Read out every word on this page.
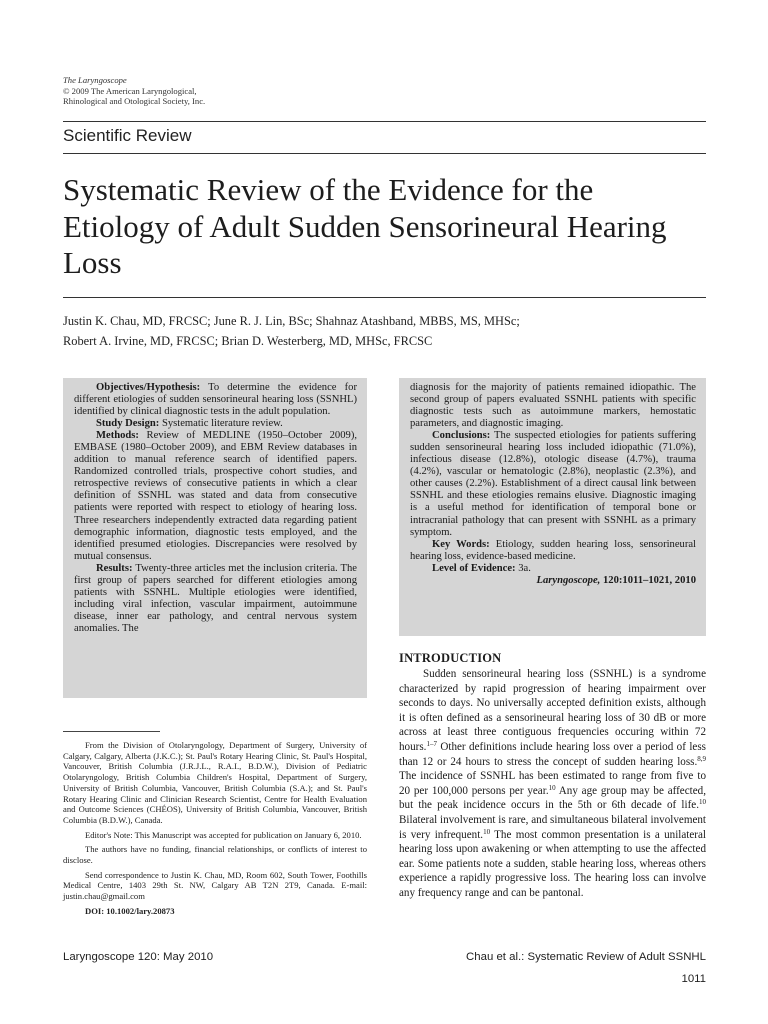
The Laryngoscope
© 2009 The American Laryngological,
Rhinological and Otological Society, Inc.
Scientific Review
Systematic Review of the Evidence for the Etiology of Adult Sudden Sensorineural Hearing Loss
Justin K. Chau, MD, FRCSC; June R. J. Lin, BSc; Shahnaz Atashband, MBBS, MS, MHSc;
Robert A. Irvine, MD, FRCSC; Brian D. Westerberg, MD, MHSc, FRCSC

Objectives/Hypothesis: To determine the evidence for different etiologies of sudden sensorineural hearing loss (SSNHL) identified by clinical diagnostic tests in the adult population.

Study Design: Systematic literature review.

Methods: Review of MEDLINE (1950–October 2009), EMBASE (1980–October 2009), and EBM Review databases in addition to manual reference search of identified papers. Randomized controlled trials, prospective cohort studies, and retrospective reviews of consecutive patients in which a clear definition of SSNHL was stated and data from consecutive patients were reported with respect to etiology of hearing loss. Three researchers independently extracted data regarding patient demographic information, diagnostic tests employed, and the identified presumed etiologies. Discrepancies were resolved by mutual consensus.

Results: Twenty-three articles met the inclusion criteria. The first group of papers searched for different etiologies among patients with SSNHL. Multiple etiologies were identified, including viral infection, vascular impairment, autoimmune disease, inner ear pathology, and central nervous system anomalies. The

diagnosis for the majority of patients remained idiopathic. The second group of papers evaluated SSNHL patients with specific diagnostic tests such as autoimmune markers, hemostatic parameters, and diagnostic imaging.

Conclusions: The suspected etiologies for patients suffering sudden sensorineural hearing loss included idiopathic (71.0%), infectious disease (12.8%), otologic disease (4.7%), trauma (4.2%), vascular or hematologic (2.8%), neoplastic (2.3%), and other causes (2.2%). Establishment of a direct causal link between SSNHL and these etiologies remains elusive. Diagnostic imaging is a useful method for identification of temporal bone or intracranial pathology that can present with SSNHL as a primary symptom.

Key Words: Etiology, sudden hearing loss, sensorineural hearing loss, evidence-based medicine.

Level of Evidence: 3a.

Laryngoscope, 120:1011–1021, 2010

From the Division of Otolaryngology, Department of Surgery, University of Calgary, Calgary, Alberta (J.K.C.); St. Paul's Rotary Hearing Clinic, St. Paul's Hospital, Vancouver, British Columbia (J.R.J.L., R.A.I., B.D.W.), Division of Pediatric Otolaryngology, British Columbia Children's Hospital, Department of Surgery, University of British Columbia, Vancouver, British Columbia (S.A.); and St. Paul's Rotary Hearing Clinic and Clinician Research Scientist, Centre for Health Evaluation and Outcome Sciences (CHÉOS), University of British Columbia, Vancouver, British Columbia (B.D.W.), Canada.

Editor's Note: This Manuscript was accepted for publication on January 6, 2010.

The authors have no funding, financial relationships, or conflicts of interest to disclose.

Send correspondence to Justin K. Chau, MD, Room 602, South Tower, Foothills Medical Centre, 1403 29th St. NW, Calgary AB T2N 2T9, Canada. E-mail: justin.chau@gmail.com

DOI: 10.1002/lary.20873

INTRODUCTION

Sudden sensorineural hearing loss (SSNHL) is a syndrome characterized by rapid progression of hearing impairment over seconds to days. No universally accepted definition exists, although it is often defined as a sensorineural hearing loss of 30 dB or more across at least three contiguous frequencies occuring within 72 hours.$^{1-7}$ Other definitions include hearing loss over a period of less than 12 or 24 hours to stress the concept of sudden hearing loss.$^{8,9}$ The incidence of SSNHL has been estimated to range from five to 20 per 100,000 persons per year.$^{10}$ Any age group may be affected, but the peak incidence occurs in the 5th or 6th decade of life.$^{10}$ Bilateral involvement is rare, and simultaneous bilateral involvement is very infrequent.$^{10}$ The most common presentation is a unilateral hearing loss upon awakening or when attempting to use the affected ear. Some patients note a sudden, stable hearing loss, whereas others experience a rapidly progressive loss. The hearing loss can involve any frequency range and can be pantonal.

Laryngoscope 120: May 2010	Chau et al.: Systematic Review of Adult SSNHL
1011
